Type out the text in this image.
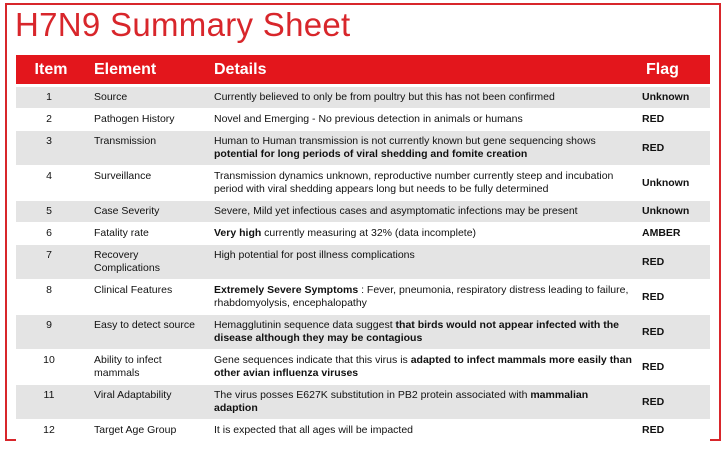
H7N9 Summary Sheet
Item	Element	Details	Flag
1	Source	Currently believed to only be from poultry but this has not been confirmed	Unknown
2	Pathogen History	Novel and Emerging - No previous detection in animals or humans	RED
3	Transmission	Human to Human transmission is not currently known but gene sequencing shows potential for long periods of viral shedding and fomite creation	RED
4	Surveillance	Transmission dynamics unknown, reproductive number currently steep and incubation period with viral shedding appears long but needs to be fully determined	Unknown
5	Case Severity	Severe, Mild yet infectious cases and asymptomatic infections may be present	Unknown
6	Fatality rate	Very high currently measuring at 32% (data incomplete)	AMBER
7	Recovery Complications	High potential for post illness complications	RED
8	Clinical Features	Extremely Severe Symptoms : Fever, pneumonia, respiratory distress leading to failure, rhabdomyolysis, encephalopathy	RED
9	Easy to detect source	Hemagglutinin sequence data suggest that birds would not appear infected with the disease although they may be contagious	RED
10	Ability to infect mammals	Gene sequences indicate that this virus is adapted to infect mammals more easily than other avian influenza viruses	RED
11	Viral Adaptability	The virus posses E627K substitution in PB2 protein associated with mammalian adaption	RED
12	Target Age Group	It is expected that all ages will be impacted	RED
